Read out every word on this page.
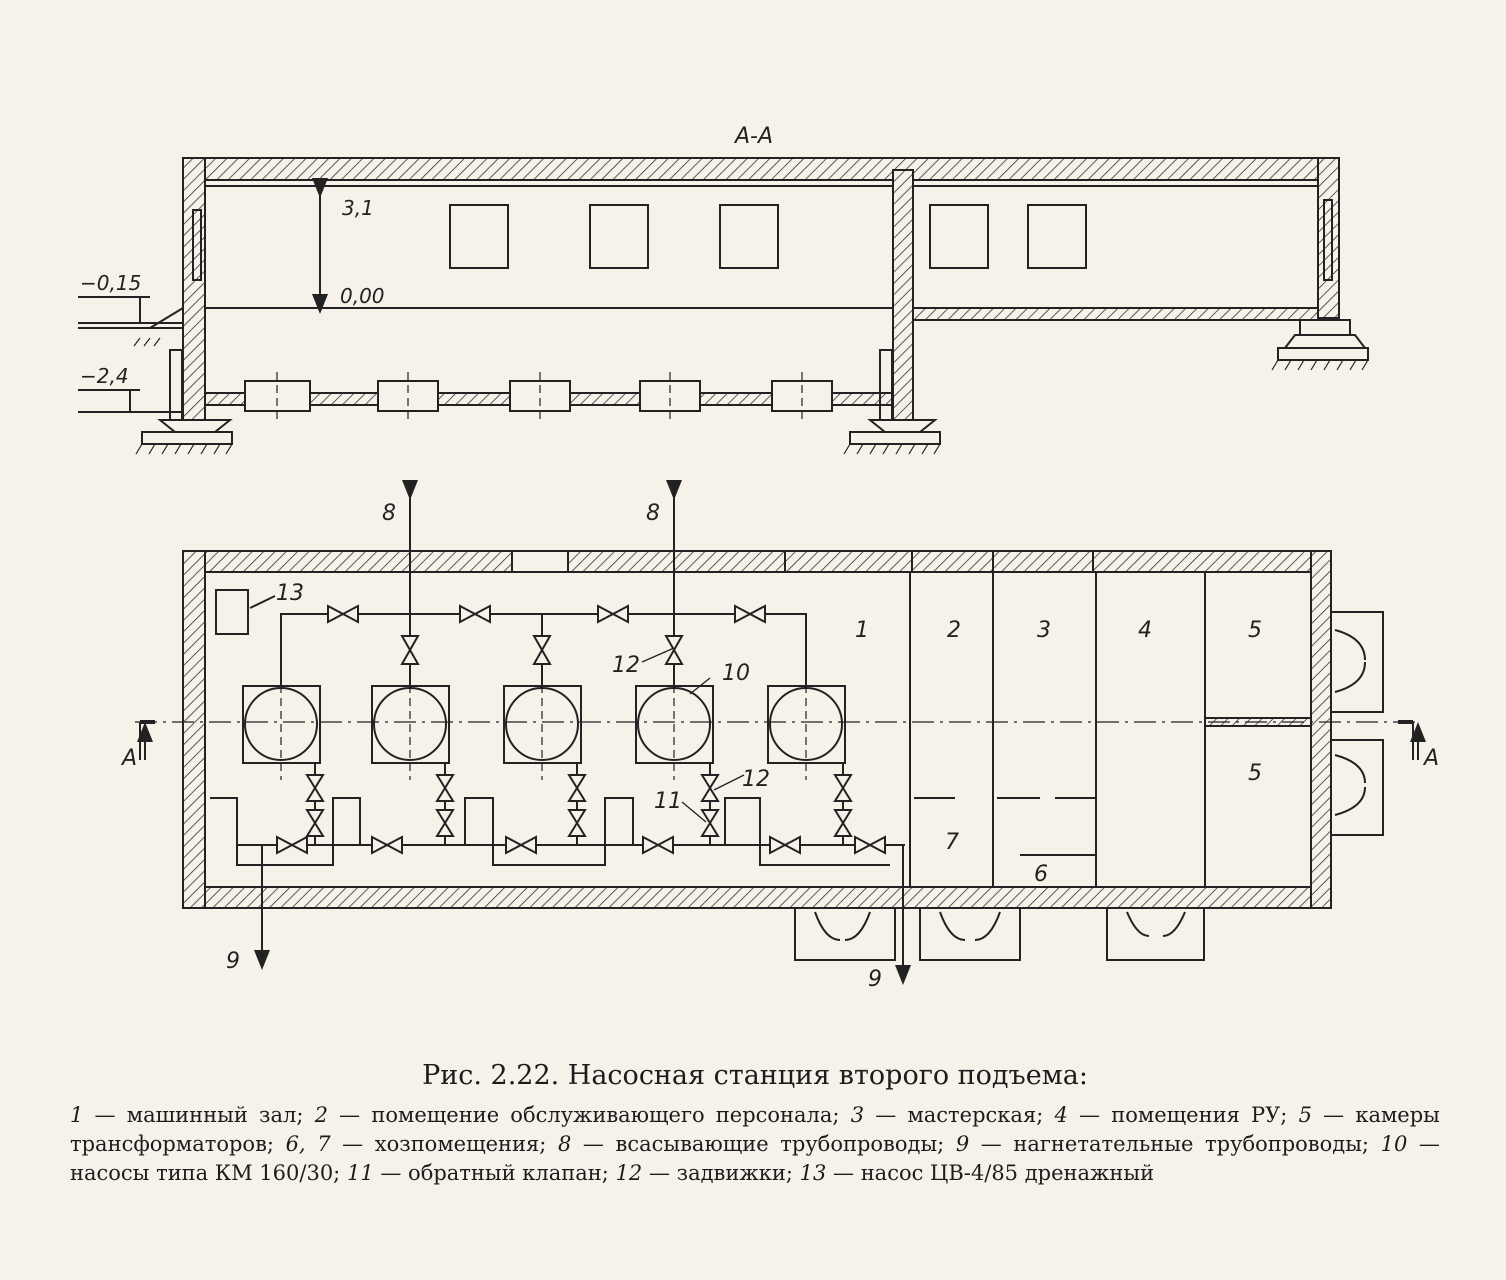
А-А
3,1
0,00
−0,15
−2,4
А	А
8	8
9
9
13
1	2	3	4	5
5
7
6
12	10
12
11
Рис. 2.22. Насосная станция второго подъема:
1 — машинный зал; 2 — помещение обслуживающего персонала; 3 — мастерская; 4 — помещения РУ; 5 — камеры трансформаторов; 6, 7 — хозпомещения; 8 — всасывающие трубопроводы; 9 — нагнетательные трубопроводы; 10 — насосы типа КМ 160/30; 11 — обратный клапан; 12 — задвижки; 13 — насос ЦВ-4/85 дренажный
